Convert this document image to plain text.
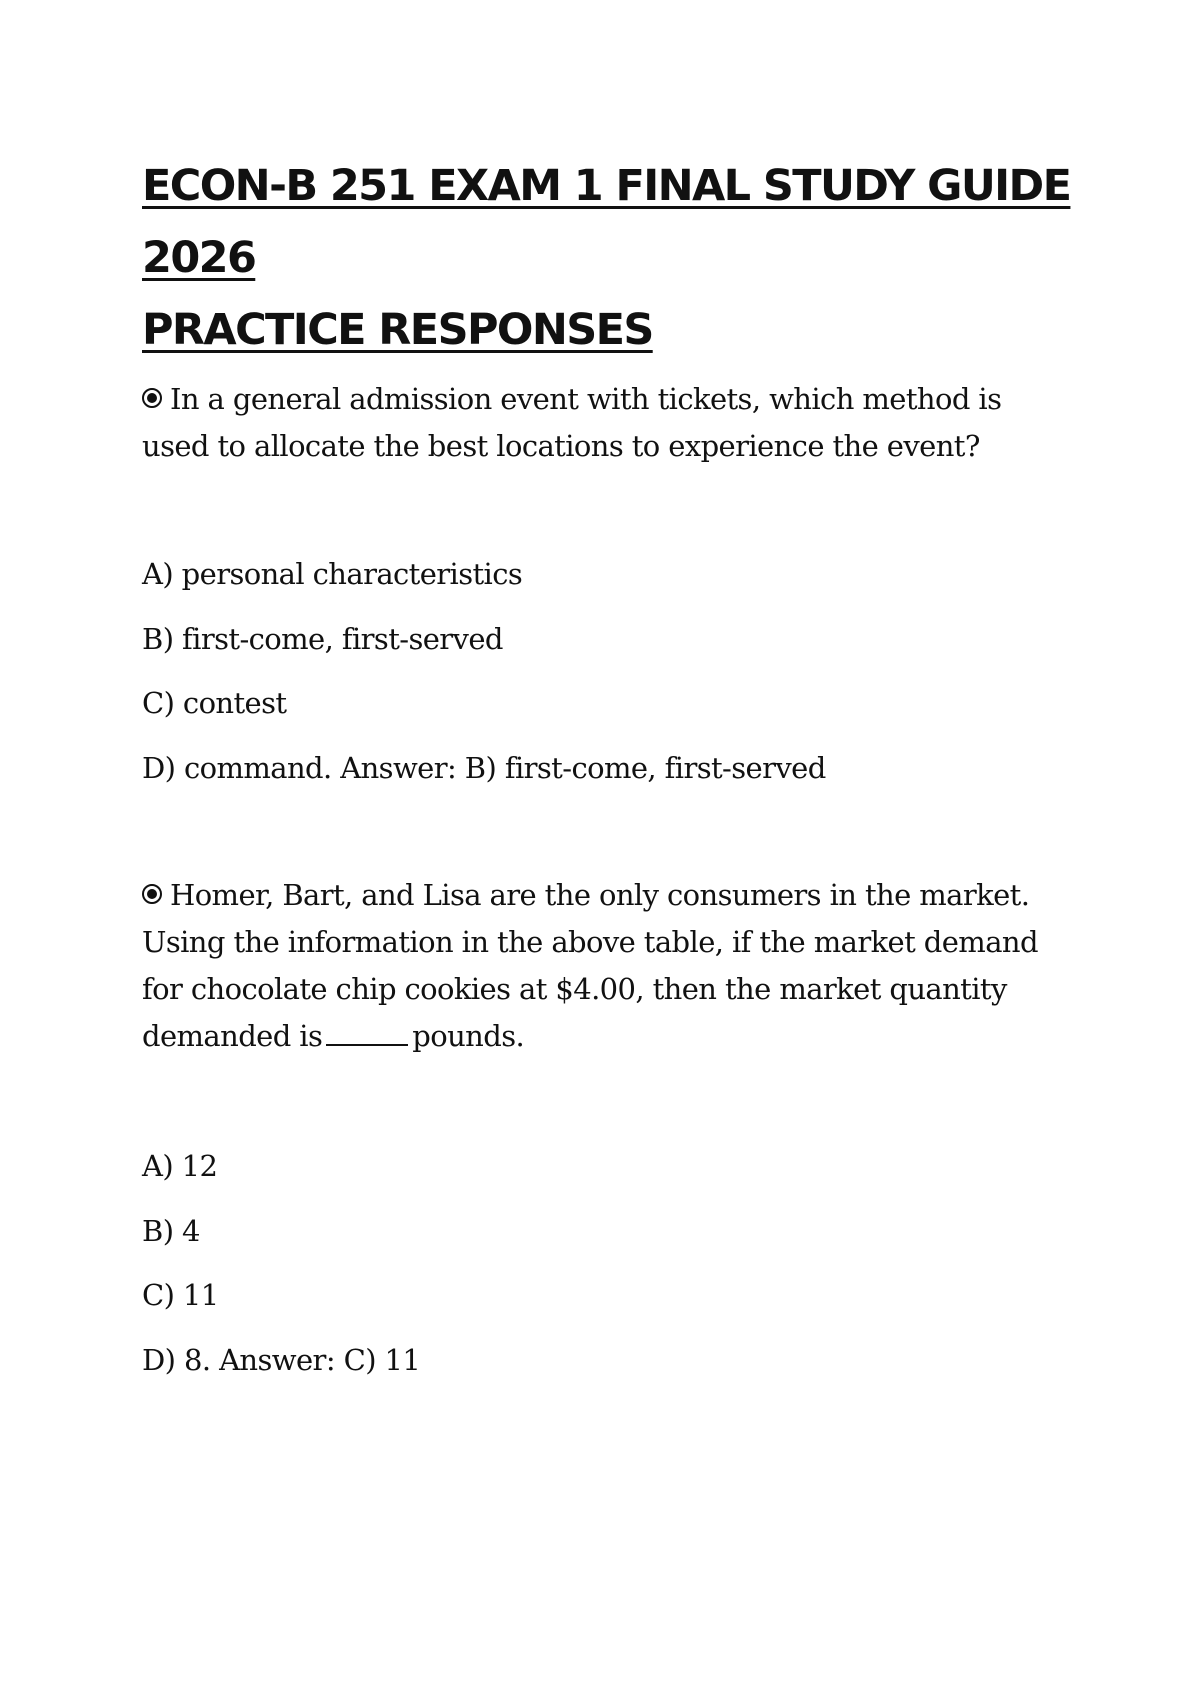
ECON-B 251 EXAM 1 FINAL STUDY GUIDE 2026
PRACTICE RESPONSES

In a general admission event with tickets, which method is used to allocate the best locations to experience the event?

A) personal characteristics
B) first-come, first-served
C) contest
D) command. Answer: B) first-come, first-served

Homer, Bart, and Lisa are the only consumers in the market. Using the information in the above table, if the market demand for chocolate chip cookies at $4.00, then the market quantity demanded is	pounds.

A) 12
B) 4
C) 11
D) 8. Answer: C) 11
